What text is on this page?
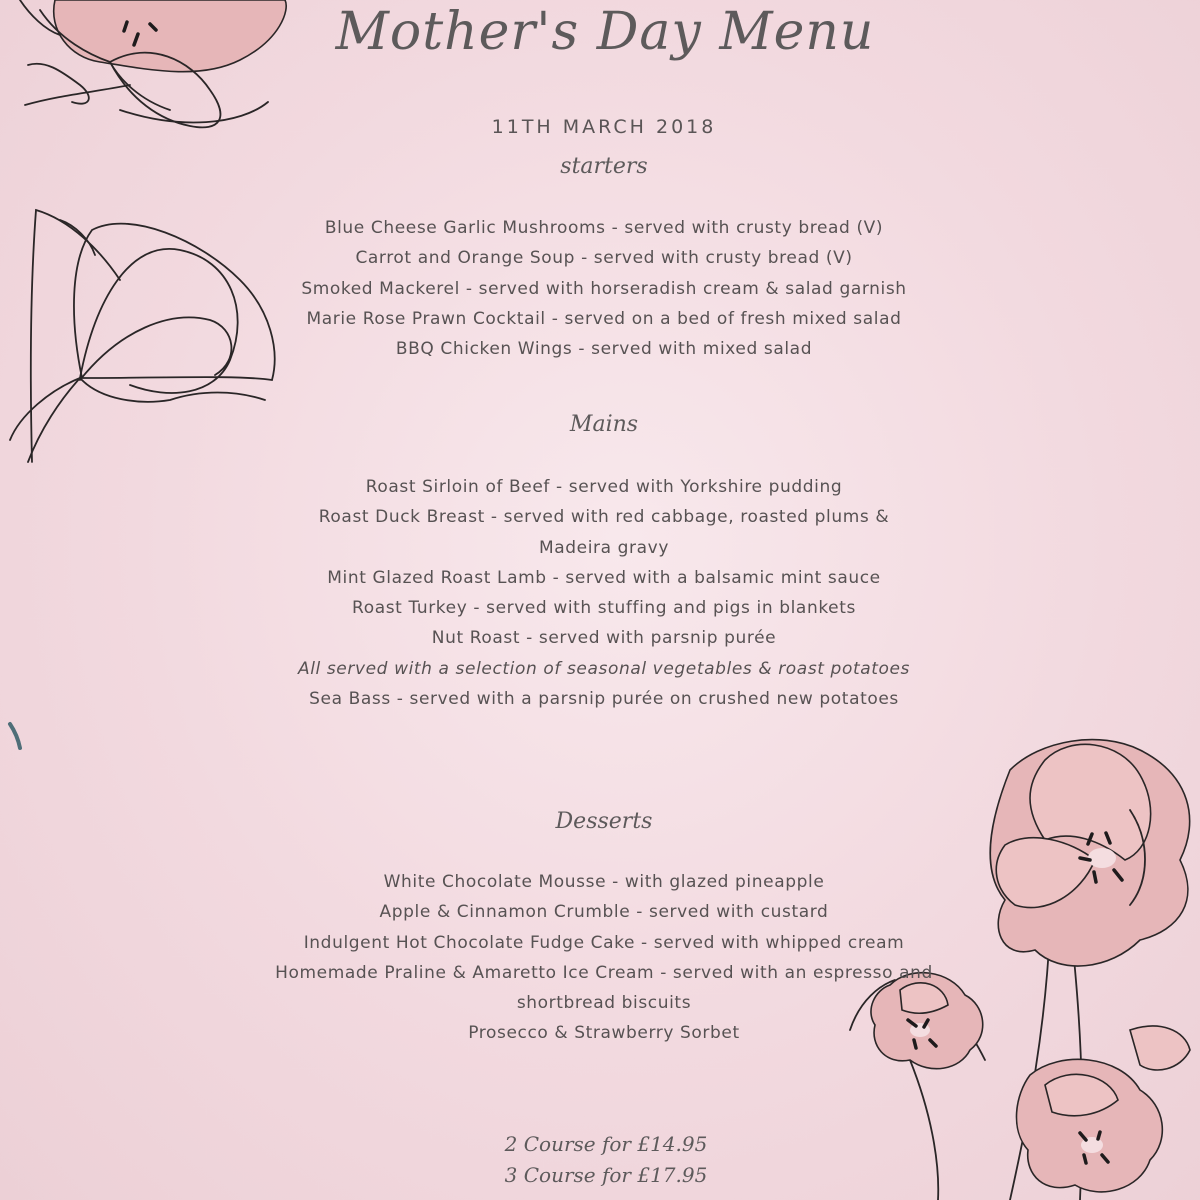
Mother's Day Menu
11TH MARCH 2018
starters
Blue Cheese Garlic Mushrooms - served with crusty bread (V)
Carrot and Orange Soup - served with crusty bread (V)
Smoked Mackerel - served with horseradish cream & salad garnish
Marie Rose Prawn Cocktail - served on a bed of fresh mixed salad
BBQ Chicken Wings - served with mixed salad
Mains
Roast Sirloin of Beef - served with Yorkshire pudding
Roast Duck Breast - served with red cabbage, roasted plums &
Madeira gravy
Mint Glazed Roast Lamb - served with a balsamic mint sauce
Roast Turkey - served with stuffing and pigs in blankets
Nut Roast - served with parsnip purée
All served with a selection of seasonal vegetables & roast potatoes
Sea Bass - served with a parsnip purée on crushed new potatoes
Desserts
White Chocolate Mousse - with glazed pineapple
Apple & Cinnamon Crumble - served with custard
Indulgent Hot Chocolate Fudge Cake - served with whipped cream
Homemade Praline & Amaretto Ice Cream - served with an espresso and
shortbread biscuits
Prosecco & Strawberry Sorbet
2 Course for £14.95
3 Course for £17.95
